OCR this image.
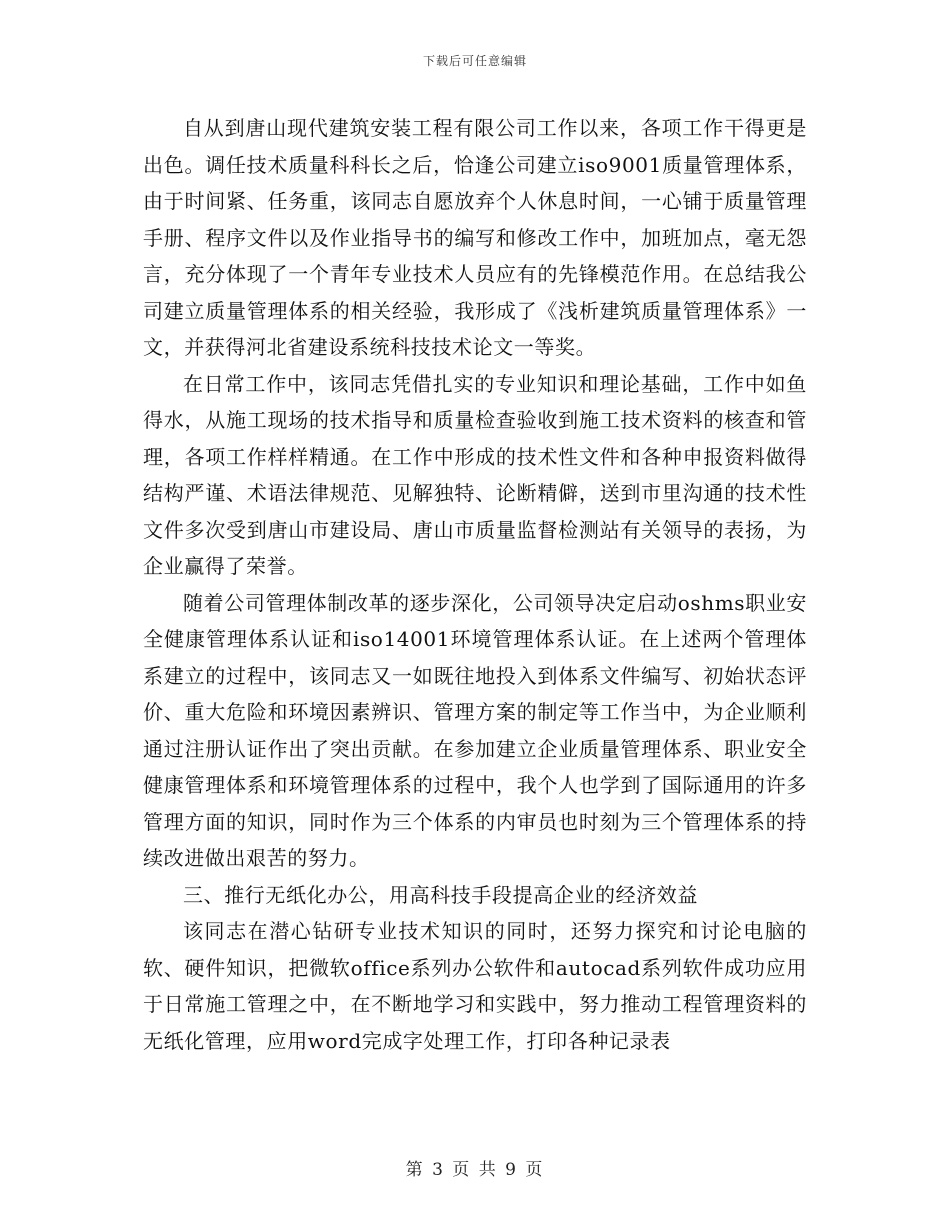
下载后可任意编辑

自从到唐山现代建筑安装工程有限公司工作以来，各项工作干得更是出色。调任技术质量科科长之后，恰逢公司建立iso9001质量管理体系，由于时间紧、任务重，该同志自愿放弃个人休息时间，一心铺于质量管理手册、程序文件以及作业指导书的编写和修改工作中，加班加点，毫无怨言，充分体现了一个青年专业技术人员应有的先锋模范作用。在总结我公司建立质量管理体系的相关经验，我形成了《浅析建筑质量管理体系》一文，并获得河北省建设系统科技技术论文一等奖。

在日常工作中，该同志凭借扎实的专业知识和理论基础，工作中如鱼得水，从施工现场的技术指导和质量检查验收到施工技术资料的核查和管理，各项工作样样精通。在工作中形成的技术性文件和各种申报资料做得结构严谨、术语法律规范、见解独特、论断精僻，送到市里沟通的技术性文件多次受到唐山市建设局、唐山市质量监督检测站有关领导的表扬，为企业赢得了荣誉。

随着公司管理体制改革的逐步深化，公司领导决定启动oshms职业安全健康管理体系认证和iso14001环境管理体系认证。在上述两个管理体系建立的过程中，该同志又一如既往地投入到体系文件编写、初始状态评价、重大危险和环境因素辨识、管理方案的制定等工作当中，为企业顺利通过注册认证作出了突出贡献。在参加建立企业质量管理体系、职业安全健康管理体系和环境管理体系的过程中，我个人也学到了国际通用的许多管理方面的知识，同时作为三个体系的内审员也时刻为三个管理体系的持续改进做出艰苦的努力。

三、推行无纸化办公，用高科技手段提高企业的经济效益

该同志在潜心钻研专业技术知识的同时，还努力探究和讨论电脑的软、硬件知识，把微软office系列办公软件和autocad系列软件成功应用于日常施工管理之中，在不断地学习和实践中，努力推动工程管理资料的无纸化管理，应用word完成字处理工作，打印各种记录表

第 3 页 共 9 页
